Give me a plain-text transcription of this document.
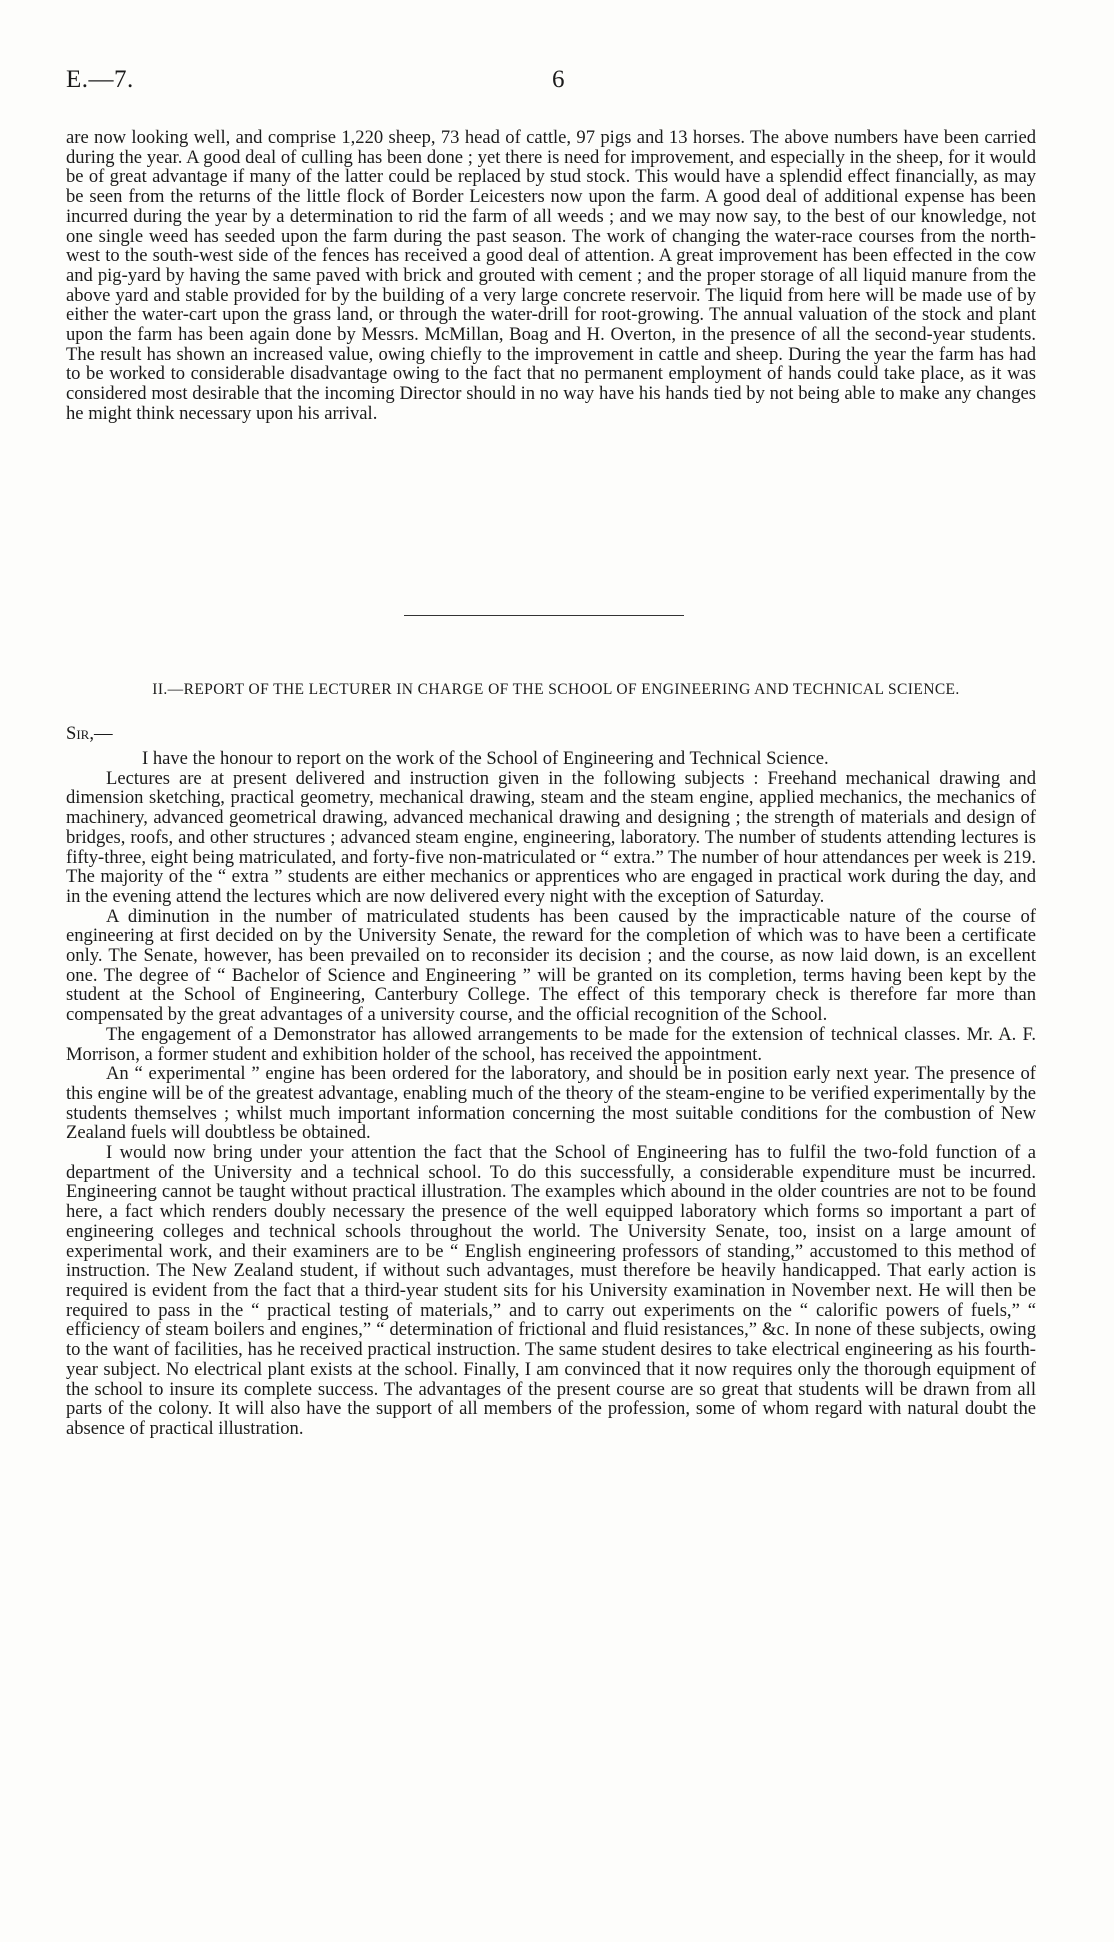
E.—7.	6

are now looking well, and comprise 1,220 sheep, 73 head of cattle, 97 pigs and 13 horses. The above numbers have been carried during the year. A good deal of culling has been done ; yet there is need for improvement, and especially in the sheep, for it would be of great advantage if many of the latter could be replaced by stud stock. This would have a splendid effect financially, as may be seen from the returns of the little flock of Border Leicesters now upon the farm. A good deal of additional expense has been incurred during the year by a determination to rid the farm of all weeds ; and we may now say, to the best of our knowledge, not one single weed has seeded upon the farm during the past season. The work of changing the water-race courses from the north-west to the south-west side of the fences has received a good deal of attention. A great improvement has been effected in the cow and pig-yard by having the same paved with brick and grouted with cement ; and the proper storage of all liquid manure from the above yard and stable provided for by the building of a very large concrete reservoir. The liquid from here will be made use of by either the water-cart upon the grass land, or through the water-drill for root-growing. The annual valuation of the stock and plant upon the farm has been again done by Messrs. McMillan, Boag and H. Overton, in the presence of all the second-year students. The result has shown an increased value, owing chiefly to the improvement in cattle and sheep. During the year the farm has had to be worked to considerable disadvantage owing to the fact that no permanent employment of hands could take place, as it was considered most desirable that the incoming Director should in no way have his hands tied by not being able to make any changes he might think necessary upon his arrival.

II.—REPORT OF THE LECTURER IN CHARGE OF THE SCHOOL OF ENGINEERING AND TECHNICAL SCIENCE.

Sir,—

I have the honour to report on the work of the School of Engineering and Technical Science.

Lectures are at present delivered and instruction given in the following subjects : Freehand mechanical drawing and dimension sketching, practical geometry, mechanical drawing, steam and the steam engine, applied mechanics, the mechanics of machinery, advanced geometrical drawing, advanced mechanical drawing and designing ; the strength of materials and design of bridges, roofs, and other structures ; advanced steam engine, engineering, laboratory. The number of students attending lectures is fifty-three, eight being matriculated, and forty-five non-matriculated or “ extra.” The number of hour attendances per week is 219. The majority of the “ extra ” students are either mechanics or apprentices who are engaged in practical work during the day, and in the evening attend the lectures which are now delivered every night with the exception of Saturday.

A diminution in the number of matriculated students has been caused by the impracticable nature of the course of engineering at first decided on by the University Senate, the reward for the completion of which was to have been a certificate only. The Senate, however, has been prevailed on to reconsider its decision ; and the course, as now laid down, is an excellent one. The degree of “ Bachelor of Science and Engineering ” will be granted on its completion, terms having been kept by the student at the School of Engineering, Canterbury College. The effect of this temporary check is therefore far more than compensated by the great advantages of a university course, and the official recognition of the School.

The engagement of a Demonstrator has allowed arrangements to be made for the extension of technical classes. Mr. A. F. Morrison, a former student and exhibition holder of the school, has received the appointment.

An “ experimental ” engine has been ordered for the laboratory, and should be in position early next year. The presence of this engine will be of the greatest advantage, enabling much of the theory of the steam-engine to be verified experimentally by the students themselves ; whilst much important information concerning the most suitable conditions for the combustion of New Zealand fuels will doubtless be obtained.

I would now bring under your attention the fact that the School of Engineering has to fulfil the two-fold function of a department of the University and a technical school. To do this successfully, a considerable expenditure must be incurred. Engineering cannot be taught without practical illustration. The examples which abound in the older countries are not to be found here, a fact which renders doubly necessary the presence of the well equipped laboratory which forms so important a part of engineering colleges and technical schools throughout the world. The University Senate, too, insist on a large amount of experimental work, and their examiners are to be “ English engineering professors of standing,” accustomed to this method of instruction. The New Zealand student, if without such advantages, must therefore be heavily handicapped. That early action is required is evident from the fact that a third-year student sits for his University examination in November next. He will then be required to pass in the “ practical testing of materials,” and to carry out experiments on the “ calorific powers of fuels,” “ efficiency of steam boilers and engines,” “ determination of frictional and fluid resistances,” &c. In none of these subjects, owing to the want of facilities, has he received practical instruction. The same student desires to take electrical engineering as his fourth-year subject. No electrical plant exists at the school. Finally, I am convinced that it now requires only the thorough equipment of the school to insure its complete success. The advantages of the present course are so great that students will be drawn from all parts of the colony. It will also have the support of all members of the profession, some of whom regard with natural doubt the absence of practical illustration.
